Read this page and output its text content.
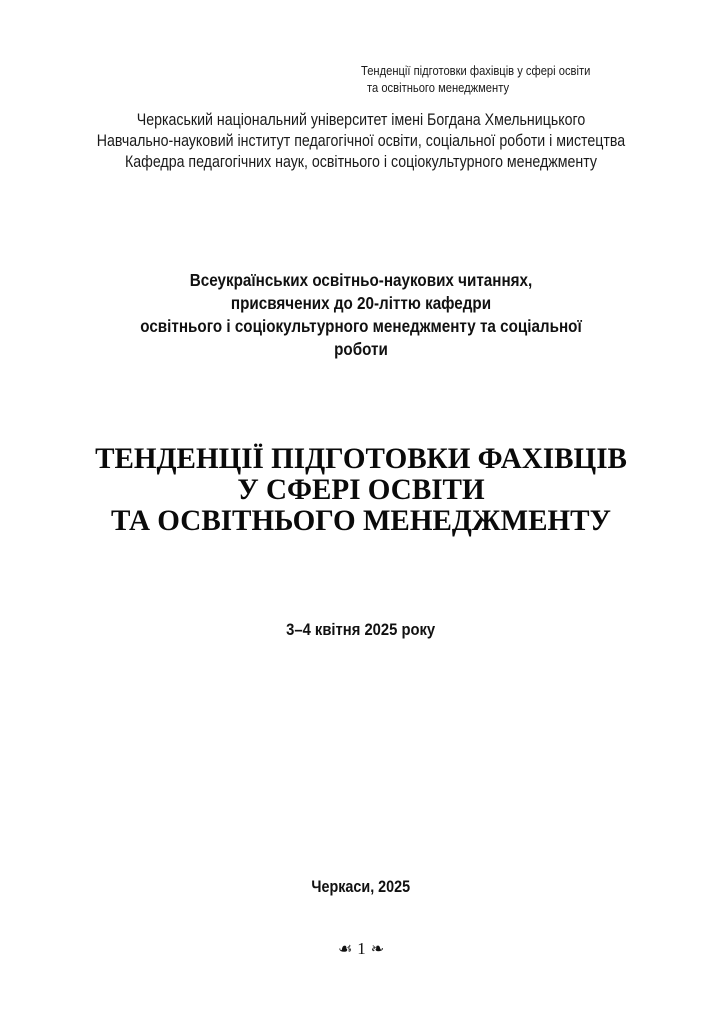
Тенденції підготовки фахівців у сфері освіти
та освітнього менеджменту
Черкаський національний університет імені Богдана Хмельницького
Навчально-науковий інститут педагогічної освіти, соціальної роботи і мистецтва
Кафедра педагогічних наук, освітнього і соціокультурного менеджменту
Всеукраїнських освітньо-наукових читаннях,
присвячених до 20-літтю кафедри
освітнього і соціокультурного менеджменту та соціальної
роботи
ТЕНДЕНЦІЇ ПІДГОТОВКИ ФАХІВЦІВ
У СФЕРІ ОСВІТИ
ТА ОСВІТНЬОГО МЕНЕДЖМЕНТУ
3–4 квітня 2025 року
Черкаси, 2025
☙ 1 ❧
